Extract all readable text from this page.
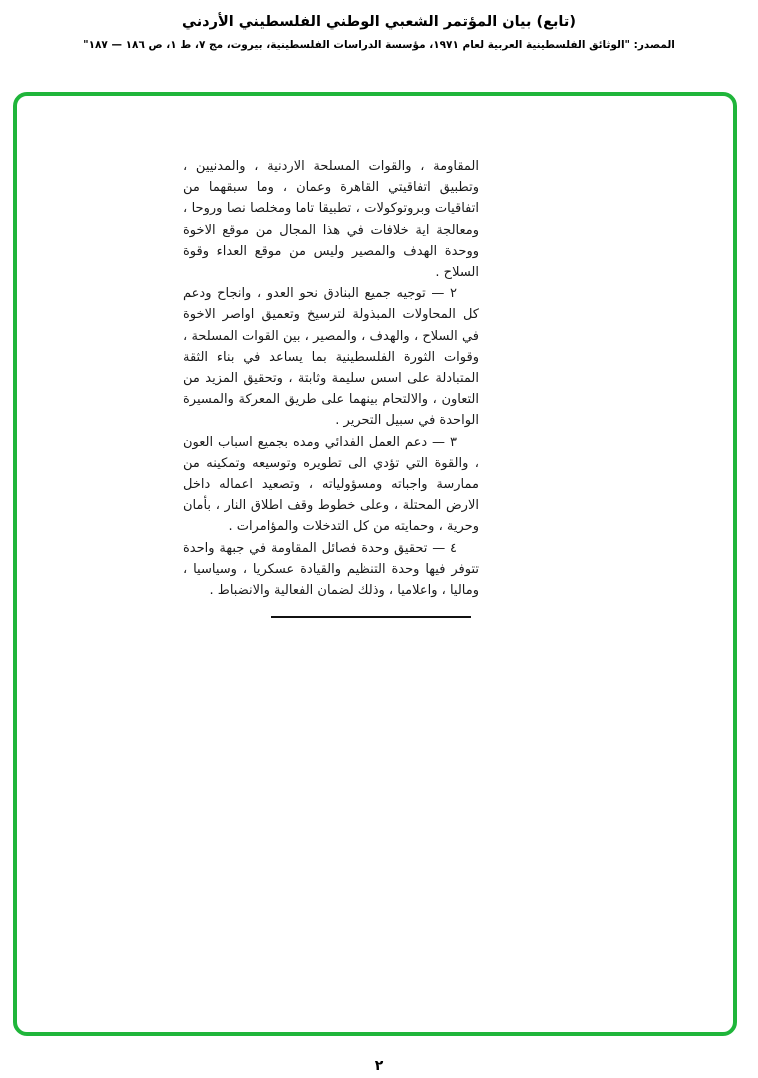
(تابع) بيان المؤتمر الشعبي الوطني الفلسطيني الأردني
المصدر: "الوثائق الفلسطينية العربية لعام ١٩٧١، مؤسسة الدراسات الفلسطينية، بيروت، مج ٧، ط ١، ص ١٨٦ — ١٨٧"

المقاومة ، والقوات المسلحة الاردنية ، والمدنيين ، وتطبيق اتفاقيتي القاهرة وعمان ، وما سبقهما من اتفاقيات وبروتوكولات ، تطبيقا تاما ومخلصا نصا وروحا ، ومعالجة اية خلافات في هذا المجال من موقع الاخوة ووحدة الهدف والمصير وليس من موقع العداء وقوة السلاح .

٢ — توجيه جميع البنادق نحو العدو ، وانجاح ودعم كل المحاولات المبذولة لترسيخ وتعميق اواصر الاخوة في السلاح ، والهدف ، والمصير ، بين القوات المسلحة ، وقوات الثورة الفلسطينية بما يساعد في بناء الثقة المتبادلة على اسس سليمة وثابتة ، وتحقيق المزيد من التعاون ، والالتحام بينهما على طريق المعركة والمسيرة الواحدة في سبيل التحرير .

٣ — دعم العمل الفدائي ومده بجميع اسباب العون ، والقوة التي تؤدي الى تطويره وتوسيعه وتمكينه من ممارسة واجباته ومسؤولياته ، وتصعيد اعماله داخل الارض المحتلة ، وعلى خطوط وقف اطلاق النار ، بأمان وحرية ، وحمايته من كل التدخلات والمؤامرات .

٤ — تحقيق وحدة فصائل المقاومة في جبهة واحدة تتوفر فيها وحدة التنظيم والقيادة عسكريا ، وسياسيا ، وماليا ، واعلاميا ، وذلك لضمان الفعالية والانضباط .

٢
